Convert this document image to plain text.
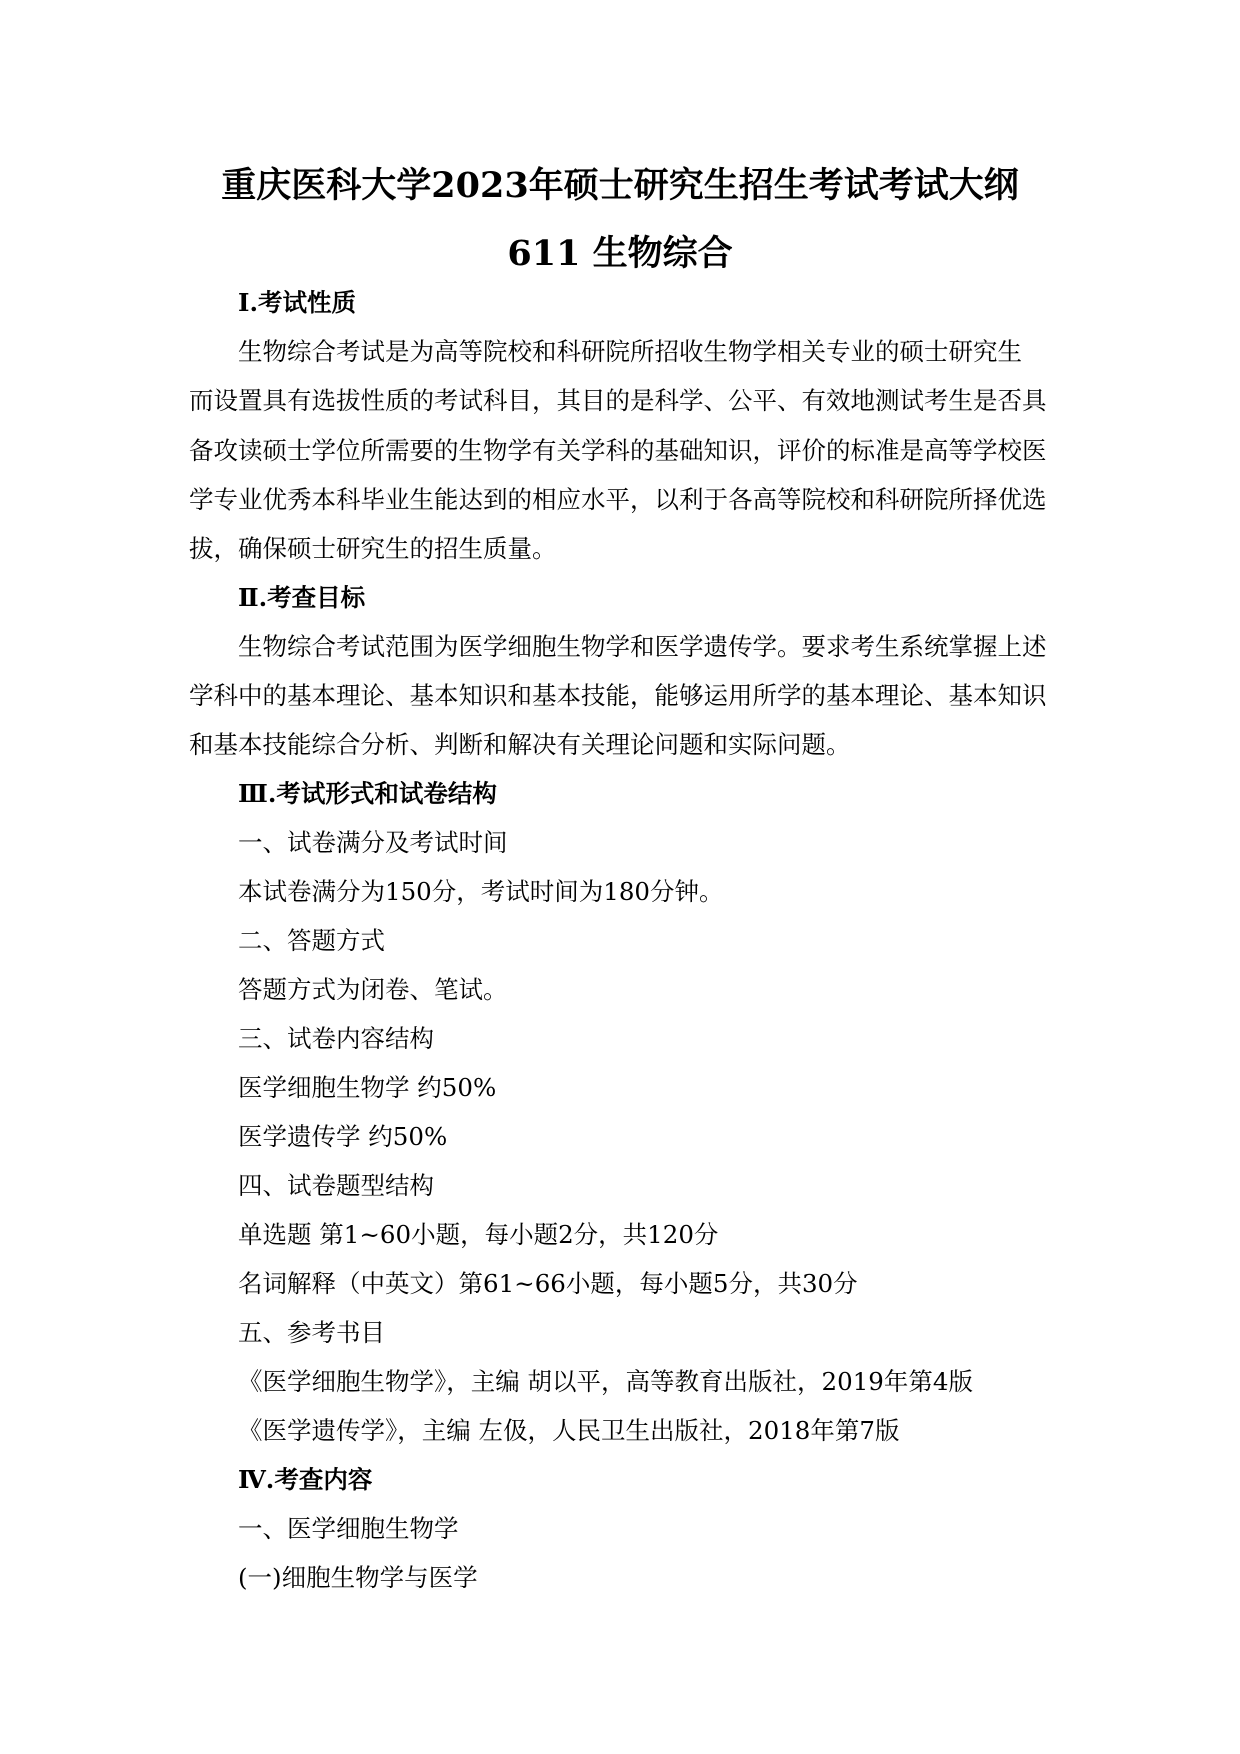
重庆医科大学2023年硕士研究生招生考试考试大纲
611 生物综合
Ⅰ.考试性质
生物综合考试是为高等院校和科研院所招收生物学相关专业的硕士研究生
而设置具有选拔性质的考试科目，其目的是科学、公平、有效地测试考生是否具
备攻读硕士学位所需要的生物学有关学科的基础知识，评价的标准是高等学校医
学专业优秀本科毕业生能达到的相应水平，以利于各高等院校和科研院所择优选
拔，确保硕士研究生的招生质量。
Ⅱ.考查目标
生物综合考试范围为医学细胞生物学和医学遗传学。要求考生系统掌握上述
学科中的基本理论、基本知识和基本技能，能够运用所学的基本理论、基本知识
和基本技能综合分析、判断和解决有关理论问题和实际问题。
Ⅲ.考试形式和试卷结构
一、试卷满分及考试时间
本试卷满分为150分，考试时间为180分钟。
二、答题方式
答题方式为闭卷、笔试。
三、试卷内容结构
医学细胞生物学 约50%
医学遗传学 约50%
四、试卷题型结构
单选题 第1~60小题，每小题2分，共120分
名词解释（中英文）第61~66小题，每小题5分，共30分
五、参考书目
《医学细胞生物学》，主编 胡以平，高等教育出版社，2019年第4版
《医学遗传学》，主编 左伋，人民卫生出版社，2018年第7版
Ⅳ.考查内容
一、医学细胞生物学
(一)细胞生物学与医学
